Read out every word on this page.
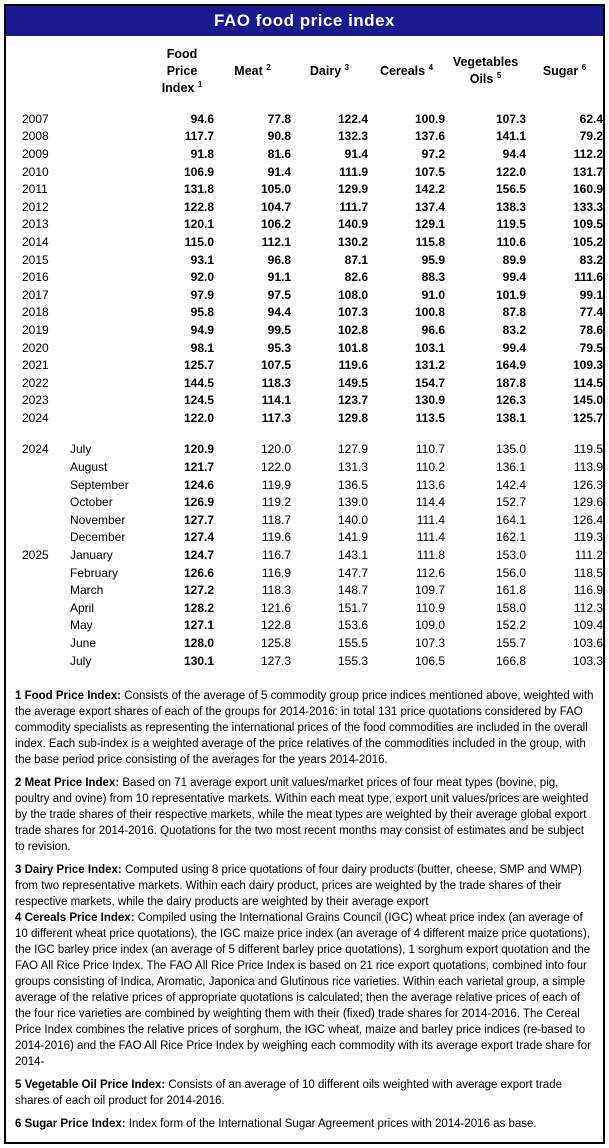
FAO food price index
		Food Price Index $^1$	Meat $^2$	Dairy $^3$	Cereals $^4$	Vegetables Oils $^5$	Sugar $^6$
2007		94.6	77.8	122.4	100.9	107.3	62.4
2008		117.7	90.8	132.3	137.6	141.1	79.2
2009		91.8	81.6	91.4	97.2	94.4	112.2
2010		106.9	91.4	111.9	107.5	122.0	131.7
2011		131.8	105.0	129.9	142.2	156.5	160.9
2012		122.8	104.7	111.7	137.4	138.3	133.3
2013		120.1	106.2	140.9	129.1	119.5	109.5
2014		115.0	112.1	130.2	115.8	110.6	105.2
2015		93.1	96.8	87.1	95.9	89.9	83.2
2016		92.0	91.1	82.6	88.3	99.4	111.6
2017		97.9	97.5	108.0	91.0	101.9	99.1
2018		95.8	94.4	107.3	100.8	87.8	77.4
2019		94.9	99.5	102.8	96.6	83.2	78.6
2020		98.1	95.3	101.8	103.1	99.4	79.5
2021		125.7	107.5	119.6	131.2	164.9	109.3
2022		144.5	118.3	149.5	154.7	187.8	114.5
2023		124.5	114.1	123.7	130.9	126.3	145.0
2024		122.0	117.3	129.8	113.5	138.1	125.7

2024	July	120.9	120.0	127.9	110.7	135.0	119.5
	August	121.7	122.0	131.3	110.2	136.1	113.9
	September	124.6	119.9	136.5	113.6	142.4	126.3
	October	126.9	119.2	139.0	114.4	152.7	129.6
	November	127.7	118.7	140.0	111.4	164.1	126.4
	December	127.4	119.6	141.9	111.4	162.1	119.3
2025	January	124.7	116.7	143.1	111.8	153.0	111.2
	February	126.6	116.9	147.7	112.6	156.0	118.5
	March	127.2	118.3	148.7	109.7	161.8	116.9
	April	128.2	121.6	151.7	110.9	158.0	112.3
	May	127.1	122.8	153.6	109.0	152.2	109.4
	June	128.0	125.8	155.5	107.3	155.7	103.6
	July	130.1	127.3	155.3	106.5	166.8	103.3

1 Food Price Index: Consists of the average of 5 commodity group price indices mentioned above, weighted with the average export shares of each of the groups for 2014-2016: in total 131 price quotations considered by FAO commodity specialists as representing the international prices of the food commodities are included in the overall index. Each sub-index is a weighted average of the price relatives of the commodities included in the group, with the base period price consisting of the averages for the years 2014-2016.

2 Meat Price Index: Based on 71 average export unit values/market prices of four meat types (bovine, pig, poultry and ovine) from 10 representative markets. Within each meat type, export unit values/prices are weighted by the trade shares of their respective markets, while the meat types are weighted by their average global export trade shares for 2014-2016. Quotations for the two most recent months may consist of estimates and be subject to revision.

3 Dairy Price Index: Computed using 8 price quotations of four dairy products (butter, cheese, SMP and WMP) from two representative markets. Within each dairy product, prices are weighted by the trade shares of their respective markets, while the dairy products are weighted by their average export

4 Cereals Price Index: Compiled using the International Grains Council (IGC) wheat price index (an average of 10 different wheat price quotations), the IGC maize price index (an average of 4 different maize price quotations), the IGC barley price index (an average of 5 different barley price quotations), 1 sorghum export quotation and the FAO All Rice Price Index. The FAO All Rice Price Index is based on 21 rice export quotations, combined into four groups consisting of Indica, Aromatic, Japonica and Glutinous rice varieties. Within each varietal group, a simple average of the relative prices of appropriate quotations is calculated; then the average relative prices of each of the four rice varieties are combined by weighting them with their (fixed) trade shares for 2014-2016. The Cereal Price Index combines the relative prices of sorghum, the IGC wheat, maize and barley price indices (re-based to 2014-2016) and the FAO All Rice Price Index by weighing each commodity with its average export trade share for 2014-

5 Vegetable Oil Price Index: Consists of an average of 10 different oils weighted with average export trade shares of each oil product for 2014-2016.

6 Sugar Price Index: Index form of the International Sugar Agreement prices with 2014-2016 as base.
